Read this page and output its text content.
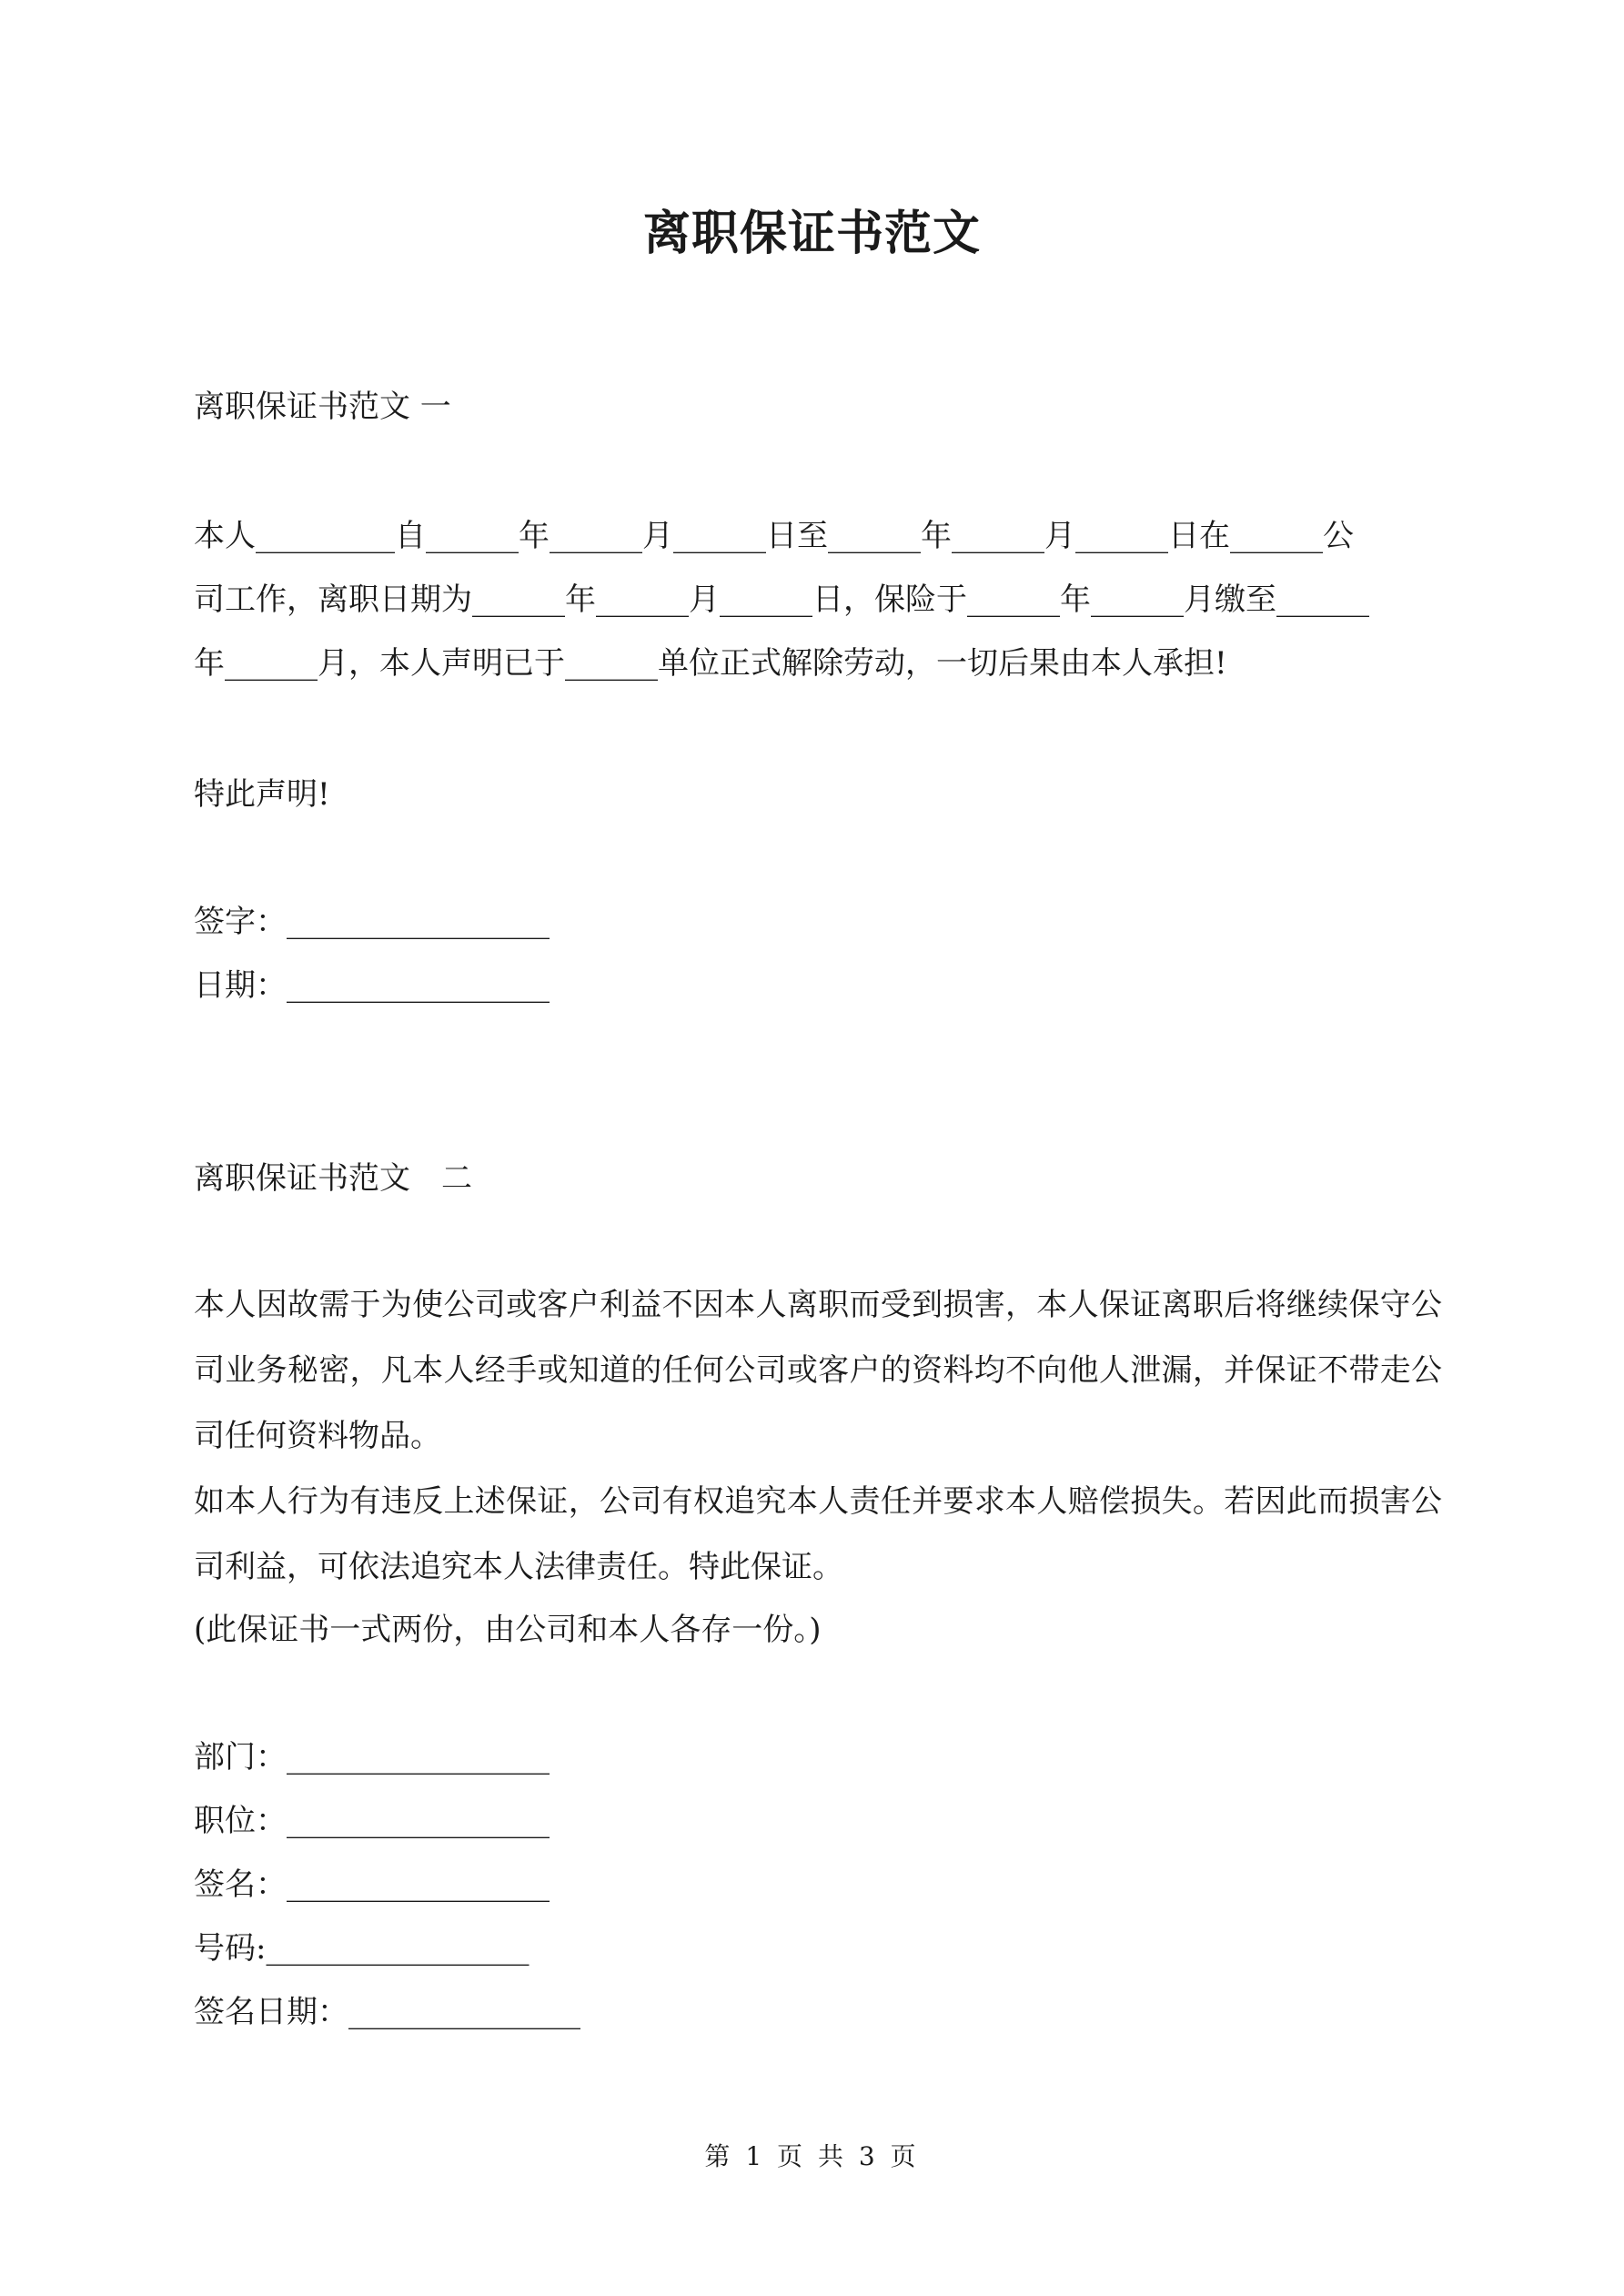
离职保证书范文
离职保证书范文 一
本人_________自______年______月______日至______年______月______日在______公
司工作，离职日期为______年______月______日，保险于______年______月缴至______
年______月，本人声明已于______单位正式解除劳动，一切后果由本人承担!
特此声明!
签字：_________________
日期：_________________
离职保证书范文　二
本人因故需于为使公司或客户利益不因本人离职而受到损害，本人保证离职后将继续保守公司业务秘密，凡本人经手或知道的任何公司或客户的资料均不向他人泄漏，并保证不带走公司任何资料物品。
如本人行为有违反上述保证，公司有权追究本人责任并要求本人赔偿损失。若因此而损害公司利益，可依法追究本人法律责任。特此保证。
(此保证书一式两份，由公司和本人各存一份。)
部门：_________________
职位：_________________
签名：_________________
号码:_________________
签名日期：_______________
第 1 页 共 3 页
